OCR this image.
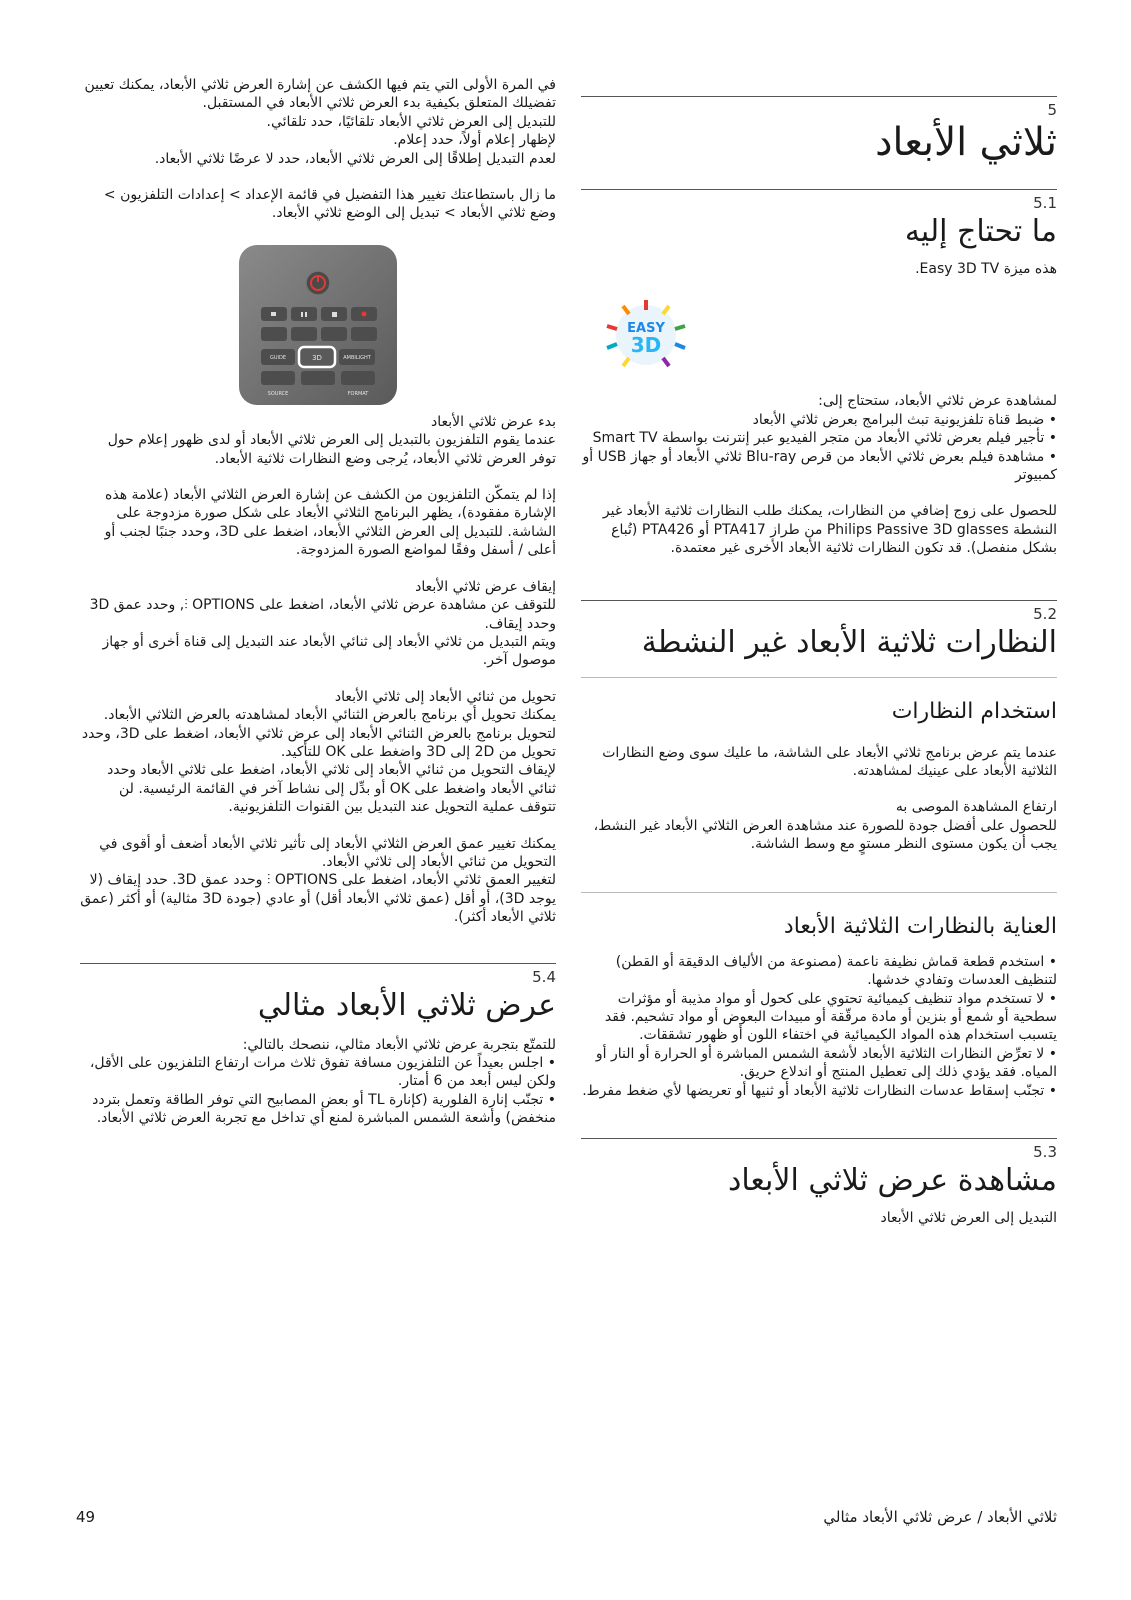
5
ثلاثي الأبعاد
5.1
ما تحتاج إليه

هذه ميزة Easy 3D TV.

EASY
3D

لمشاهدة عرض ثلاثي الأبعاد، ستحتاج إلى:

• ضبط قناة تلفزيونية تبث البرامج بعرض ثلاثي الأبعاد
• تأجير فيلم بعرض ثلاثي الأبعاد من متجر الفيديو عبر إنترنت بواسطة Smart TV
• مشاهدة فيلم بعرض ثلاثي الأبعاد من قرص Blu-ray ثلاثي الأبعاد أو جهاز USB أو كمبيوتر

للحصول على زوج إضافي من النظارات، يمكنك طلب النظارات ثلاثية الأبعاد غير النشطة Philips Passive 3D glasses من طراز PTA417 أو PTA426 (تُباع بشكل منفصل). قد تكون النظارات ثلاثية الأبعاد الأخرى غير معتمدة.

5.2
النظارات ثلاثية الأبعاد غير النشطة
استخدام النظارات

عندما يتم عرض برنامج ثلاثي الأبعاد على الشاشة، ما عليك سوى وضع النظارات الثلاثية الأبعاد على عينيك لمشاهدته.

ارتفاع المشاهدة الموصى به

للحصول على أفضل جودة للصورة عند مشاهدة العرض الثلاثي الأبعاد غير النشط، يجب أن يكون مستوى النظر مستوٍ مع وسط الشاشة.

العناية بالنظارات الثلاثية الأبعاد
• استخدم قطعة قماش نظيفة ناعمة (مصنوعة من الألياف الدقيقة أو القطن) لتنظيف العدسات وتفادي خدشها.
• لا تستخدم مواد تنظيف كيميائية تحتوي على كحول أو مواد مذيبة أو مؤثرات سطحية أو شمع أو بنزين أو مادة مرقّقة أو مبيدات البعوض أو مواد تشحيم. فقد يتسبب استخدام هذه المواد الكيميائية في اختفاء اللون أو ظهور تشققات.
• لا تعرِّض النظارات الثلاثية الأبعاد لأشعة الشمس المباشرة أو الحرارة أو النار أو المياه. فقد يؤدي ذلك إلى تعطيل المنتج أو اندلاع حريق.
• تجنّب إسقاط عدسات النظارات ثلاثية الأبعاد أو ثنيها أو تعريضها لأي ضغط مفرط.
5.3
مشاهدة عرض ثلاثي الأبعاد

التبديل إلى العرض ثلاثي الأبعاد

في المرة الأولى التي يتم فيها الكشف عن إشارة العرض ثلاثي الأبعاد، يمكنك تعيين تفضيلك المتعلق بكيفية بدء العرض ثلاثي الأبعاد في المستقبل.

للتبديل إلى العرض ثلاثي الأبعاد تلقائيًا، حدد تلقائي.

لإظهار إعلام أولاً، حدد إعلام.

لعدم التبديل إطلاقًا إلى العرض ثلاثي الأبعاد، حدد لا عرضًا ثلاثي الأبعاد.

ما زال باستطاعتك تغيير هذا التفضيل في قائمة الإعداد > إعدادات التلفزيون > وضع ثلاثي الأبعاد > تبديل إلى الوضع ثلاثي الأبعاد.

GUIDE	3D	AMBILIGHT
SOURCE	FORMAT

بدء عرض ثلاثي الأبعاد

عندما يقوم التلفزيون بالتبديل إلى العرض ثلاثي الأبعاد أو لدى ظهور إعلام حول توفر العرض ثلاثي الأبعاد، يُرجى وضع النظارات ثلاثية الأبعاد.

إذا لم يتمكّن التلفزيون من الكشف عن إشارة العرض الثلاثي الأبعاد (علامة هذه الإشارة مفقودة)، يظهر البرنامج الثلاثي الأبعاد على شكل صورة مزدوجة على الشاشة. للتبديل إلى العرض الثلاثي الأبعاد، اضغط على 3D، وحدد جنبًا لجنب أو أعلى / أسفل وفقًا لمواضع الصورة المزدوجة.

إيقاف عرض ثلاثي الأبعاد

للتوقف عن مشاهدة عرض ثلاثي الأبعاد، اضغط على OPTIONS ⫶, وحدد عمق 3D وحدد إيقاف.

ويتم التبديل من ثلاثي الأبعاد إلى ثنائي الأبعاد عند التبديل إلى قناة أخرى أو جهاز موصول آخر.

تحويل من ثنائي الأبعاد إلى ثلاثي الأبعاد

يمكنك تحويل أي برنامج بالعرض الثنائي الأبعاد لمشاهدته بالعرض الثلاثي الأبعاد.

لتحويل برنامج بالعرض الثنائي الأبعاد إلى عرض ثلاثي الأبعاد، اضغط على 3D، وحدد تحويل من 2D إلى 3D واضغط على OK للتأكيد.

لإيقاف التحويل من ثنائي الأبعاد إلى ثلاثي الأبعاد، اضغط على ثلاثي الأبعاد وحدد ثنائي الأبعاد واضغط على OK أو بدِّل إلى نشاط آخر في القائمة الرئيسية. لن تتوقف عملية التحويل عند التبديل بين القنوات التلفزيونية.

يمكنك تغيير عمق العرض الثلاثي الأبعاد إلى تأثير ثلاثي الأبعاد أضعف أو أقوى في التحويل من ثنائي الأبعاد إلى ثلاثي الأبعاد.

لتغيير العمق ثلاثي الأبعاد، اضغط على OPTIONS ⫶ وحدد عمق 3D. حدد إيقاف (لا يوجد 3D)، أو أقل (عمق ثلاثي الأبعاد أقل) أو عادي (جودة 3D مثالية) أو أكثر (عمق ثلاثي الأبعاد أكثر).

5.4
عرض ثلاثي الأبعاد مثالي

للتمتّع بتجربة عرض ثلاثي الأبعاد مثالي، ننصحك بالتالي:

• اجلس بعيداً عن التلفزيون مسافة تفوق ثلاث مرات ارتفاع التلفزيون على الأقل، ولكن ليس أبعد من 6 أمتار.
• تجنّب إنارة الفلورية (كإنارة TL أو بعض المصابيح التي توفر الطاقة وتعمل بتردد منخفض) وأشعة الشمس المباشرة لمنع أي تداخل مع تجربة العرض ثلاثي الأبعاد.
49	ثلاثي الأبعاد / عرض ثلاثي الأبعاد مثالي
